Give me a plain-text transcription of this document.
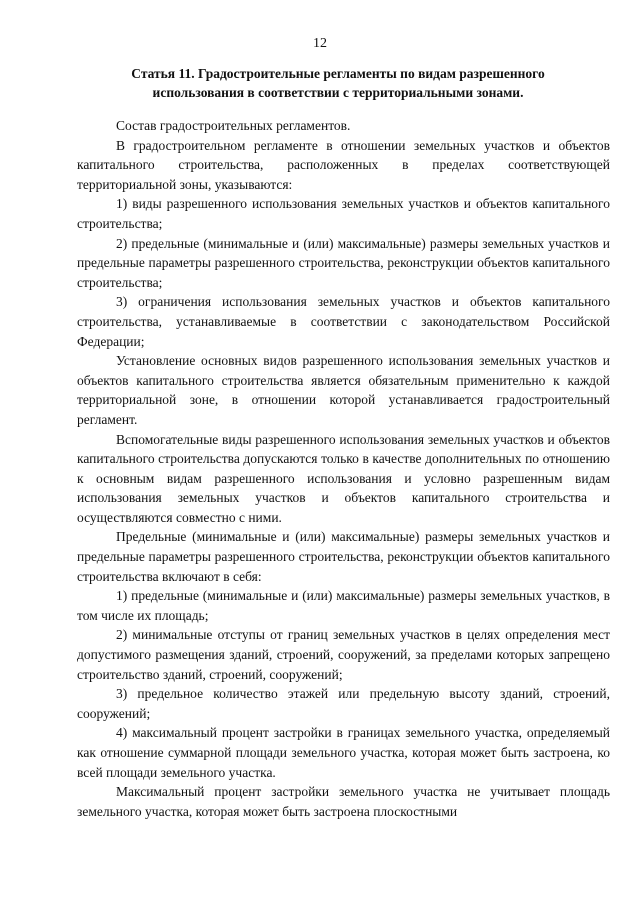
12
Статья 11. Градостроительные регламенты по видам разрешенного использования в соответствии с территориальными зонами.

Состав градостроительных регламентов.

В градостроительном регламенте в отношении земельных участков и объектов капитального строительства, расположенных в пределах соответствующей территориальной зоны, указываются:

1) виды разрешенного использования земельных участков и объектов капитального строительства;

2) предельные (минимальные и (или) максимальные) размеры земельных участков и предельные параметры разрешенного строительства, реконструкции объектов капитального строительства;

3) ограничения использования земельных участков и объектов капитального строительства, устанавливаемые в соответствии с законодательством Российской Федерации;

Установление основных видов разрешенного использования земельных участков и объектов капитального строительства является обязательным применительно к каждой территориальной зоне, в отношении которой устанавливается градостроительный регламент.

Вспомогательные виды разрешенного использования земельных участков и объектов капитального строительства допускаются только в качестве дополнительных по отношению к основным видам разрешенного использования и условно разрешенным видам использования земельных участков и объектов капитального строительства и осуществляются совместно с ними.

Предельные (минимальные и (или) максимальные) размеры земельных участков и предельные параметры разрешенного строительства, реконструкции объектов капитального строительства включают в себя:

1) предельные (минимальные и (или) максимальные) размеры земельных участков, в том числе их площадь;

2) минимальные отступы от границ земельных участков в целях определения мест допустимого размещения зданий, строений, сооружений, за пределами которых запрещено строительство зданий, строений, сооружений;

3) предельное количество этажей или предельную высоту зданий, строений, сооружений;

4) максимальный процент застройки в границах земельного участка, определяемый как отношение суммарной площади земельного участка, которая может быть застроена, ко всей площади земельного участка.

Максимальный процент застройки земельного участка не учитывает площадь земельного участка, которая может быть застроена плоскостными
